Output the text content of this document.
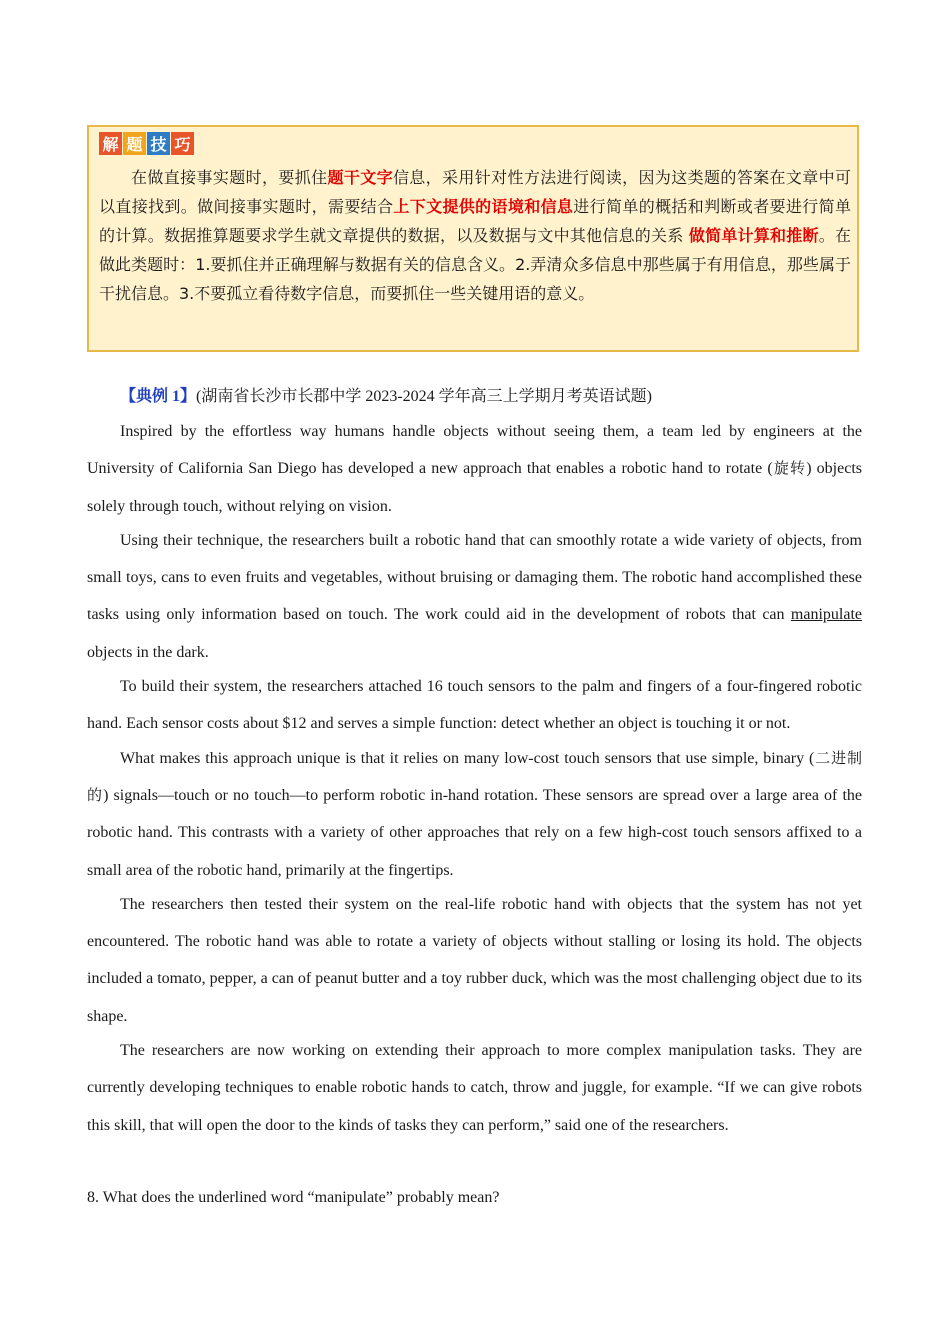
解 题 技 巧

在做直接事实题时，要抓住题干文字信息，采用针对性方法进行阅读，因为这类题的答案在文章中可以直接找到。做间接事实题时，需要结合上下文提供的语境和信息进行简单的概括和判断或者要进行简单的计算。数据推算题要求学生就文章提供的数据，以及数据与文中其他信息的关系 做简单计算和推断。在做此类题时：1.要抓住并正确理解与数据有关的信息含义。2.弄清众多信息中那些属于有用信息，那些属于干扰信息。3.不要孤立看待数字信息，而要抓住一些关键用语的意义。

【典例 1】(湖南省长沙市长郡中学 2023-2024 学年高三上学期月考英语试题)

Inspired by the effortless way humans handle objects without seeing them, a team led by engineers at the University of California San Diego has developed a new approach that enables a robotic hand to rotate (旋转) objects solely through touch, without relying on vision.

Using their technique, the researchers built a robotic hand that can smoothly rotate a wide variety of objects, from small toys, cans to even fruits and vegetables, without bruising or damaging them. The robotic hand accomplished these tasks using only information based on touch. The work could aid in the development of robots that can manipulate objects in the dark.

To build their system, the researchers attached 16 touch sensors to the palm and fingers of a four-fingered robotic hand. Each sensor costs about $12 and serves a simple function: detect whether an object is touching it or not.

What makes this approach unique is that it relies on many low-cost touch sensors that use simple, binary (二进制的) signals—touch or no touch—to perform robotic in-hand rotation. These sensors are spread over a large area of the robotic hand. This contrasts with a variety of other approaches that rely on a few high-cost touch sensors affixed to a small area of the robotic hand, primarily at the fingertips.

The researchers then tested their system on the real-life robotic hand with objects that the system has not yet encountered. The robotic hand was able to rotate a variety of objects without stalling or losing its hold. The objects included a tomato, pepper, a can of peanut butter and a toy rubber duck, which was the most challenging object due to its shape.

The researchers are now working on extending their approach to more complex manipulation tasks. They are currently developing techniques to enable robotic hands to catch, throw and juggle, for example. “If we can give robots this skill, that will open the door to the kinds of tasks they can perform,” said one of the researchers.

8. What does the underlined word “manipulate” probably mean?
